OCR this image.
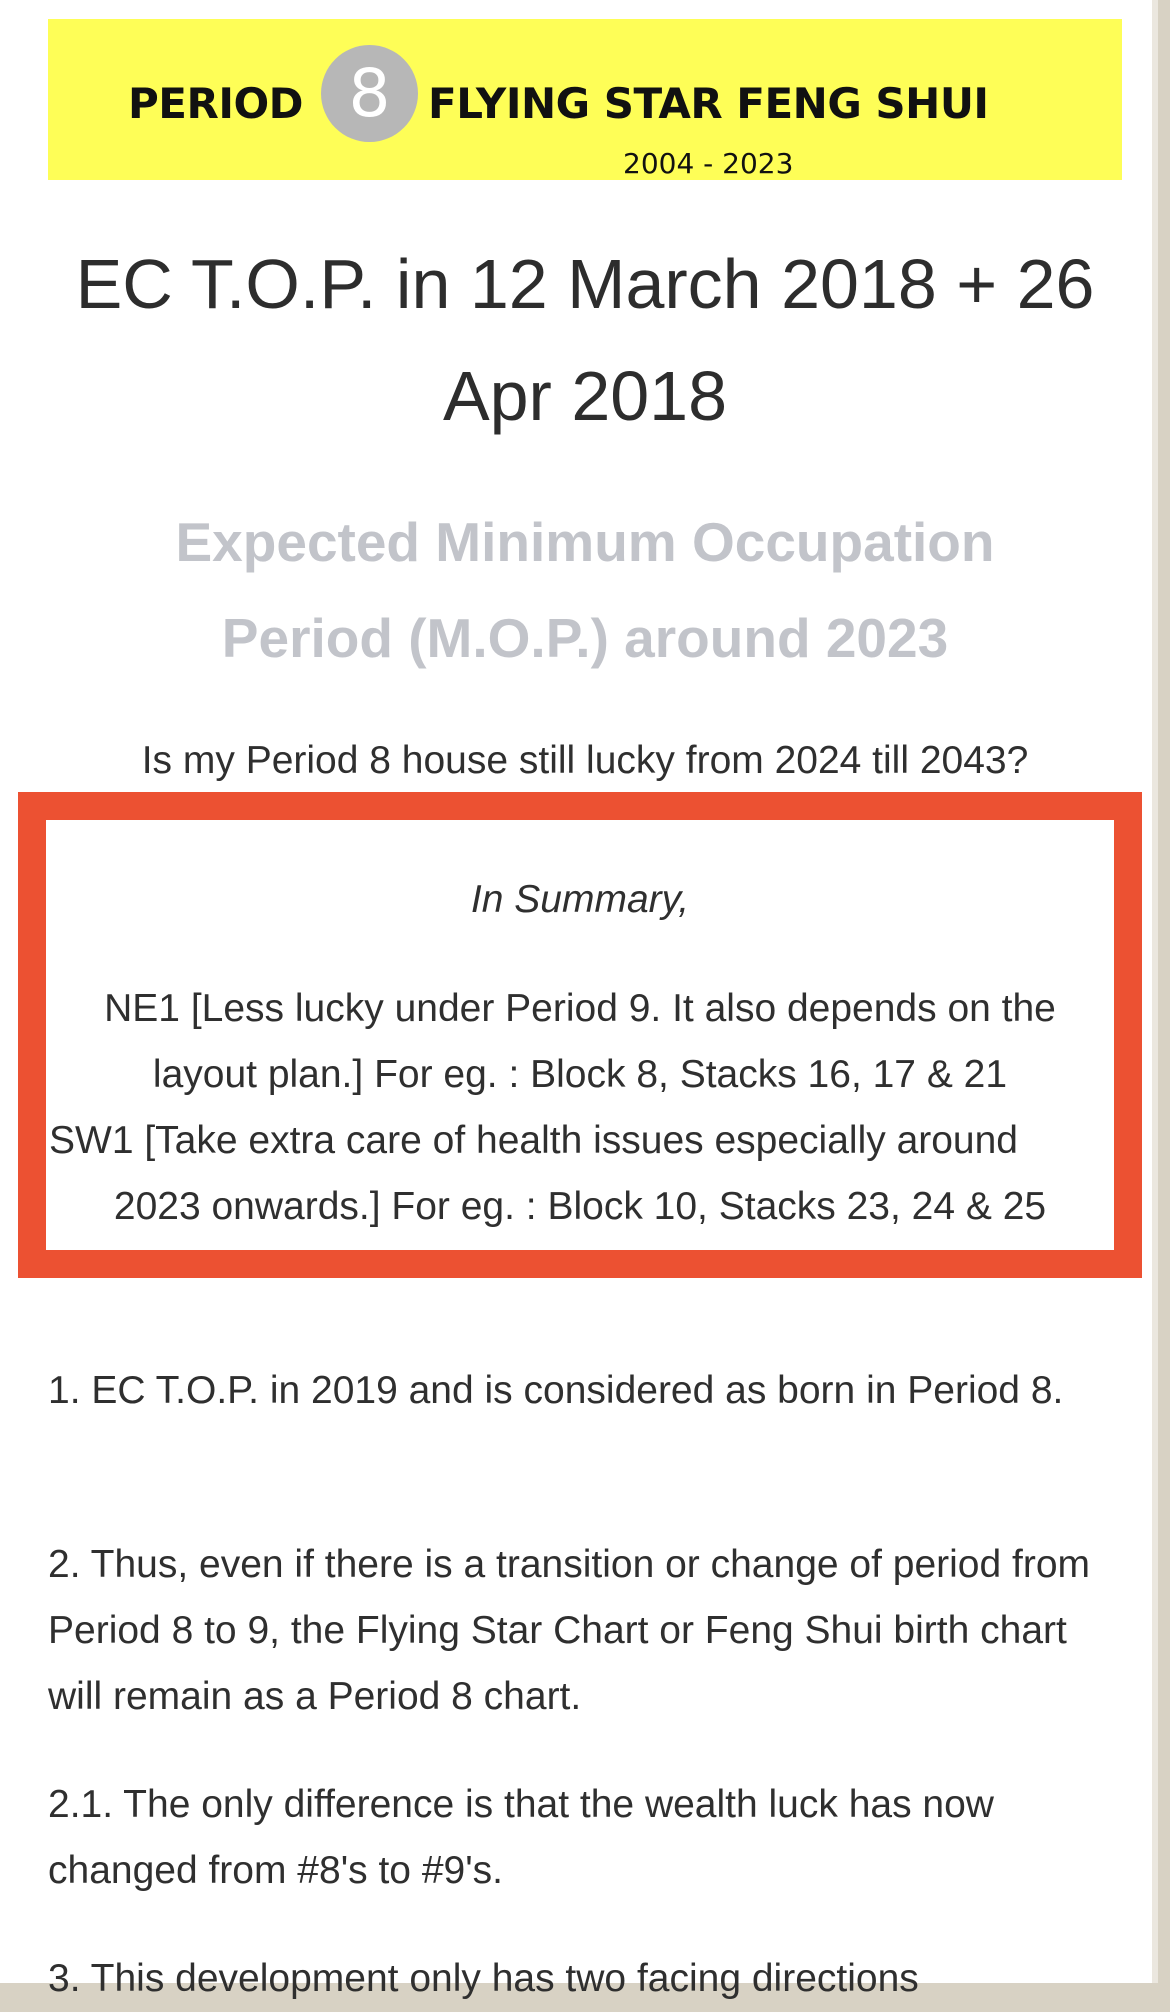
PERIOD 8 FLYING STAR FENG SHUI
2004 - 2023
EC T.O.P. in 12 March 2018 + 26
Apr 2018
Expected Minimum Occupation
Period (M.O.P.) around 2023

Is my Period 8 house still lucky from 2024 till 2043?

In Summary,

NE1 [Less lucky under Period 9. It also depends on the
layout plan.] For eg. : Block 8, Stacks 16, 17 & 21
SW1 [Take extra care of health issues especially around
2023 onwards.] For eg. : Block 10, Stacks 23, 24 & 25

1. EC T.O.P. in 2019 and is considered as born in Period 8.

2. Thus, even if there is a transition or change of period from Period 8 to 9, the Flying Star Chart or Feng Shui birth chart will remain as a Period 8 chart.

2.1. The only difference is that the wealth luck has now changed from #8's to #9's.

3. This development only has two facing directions
